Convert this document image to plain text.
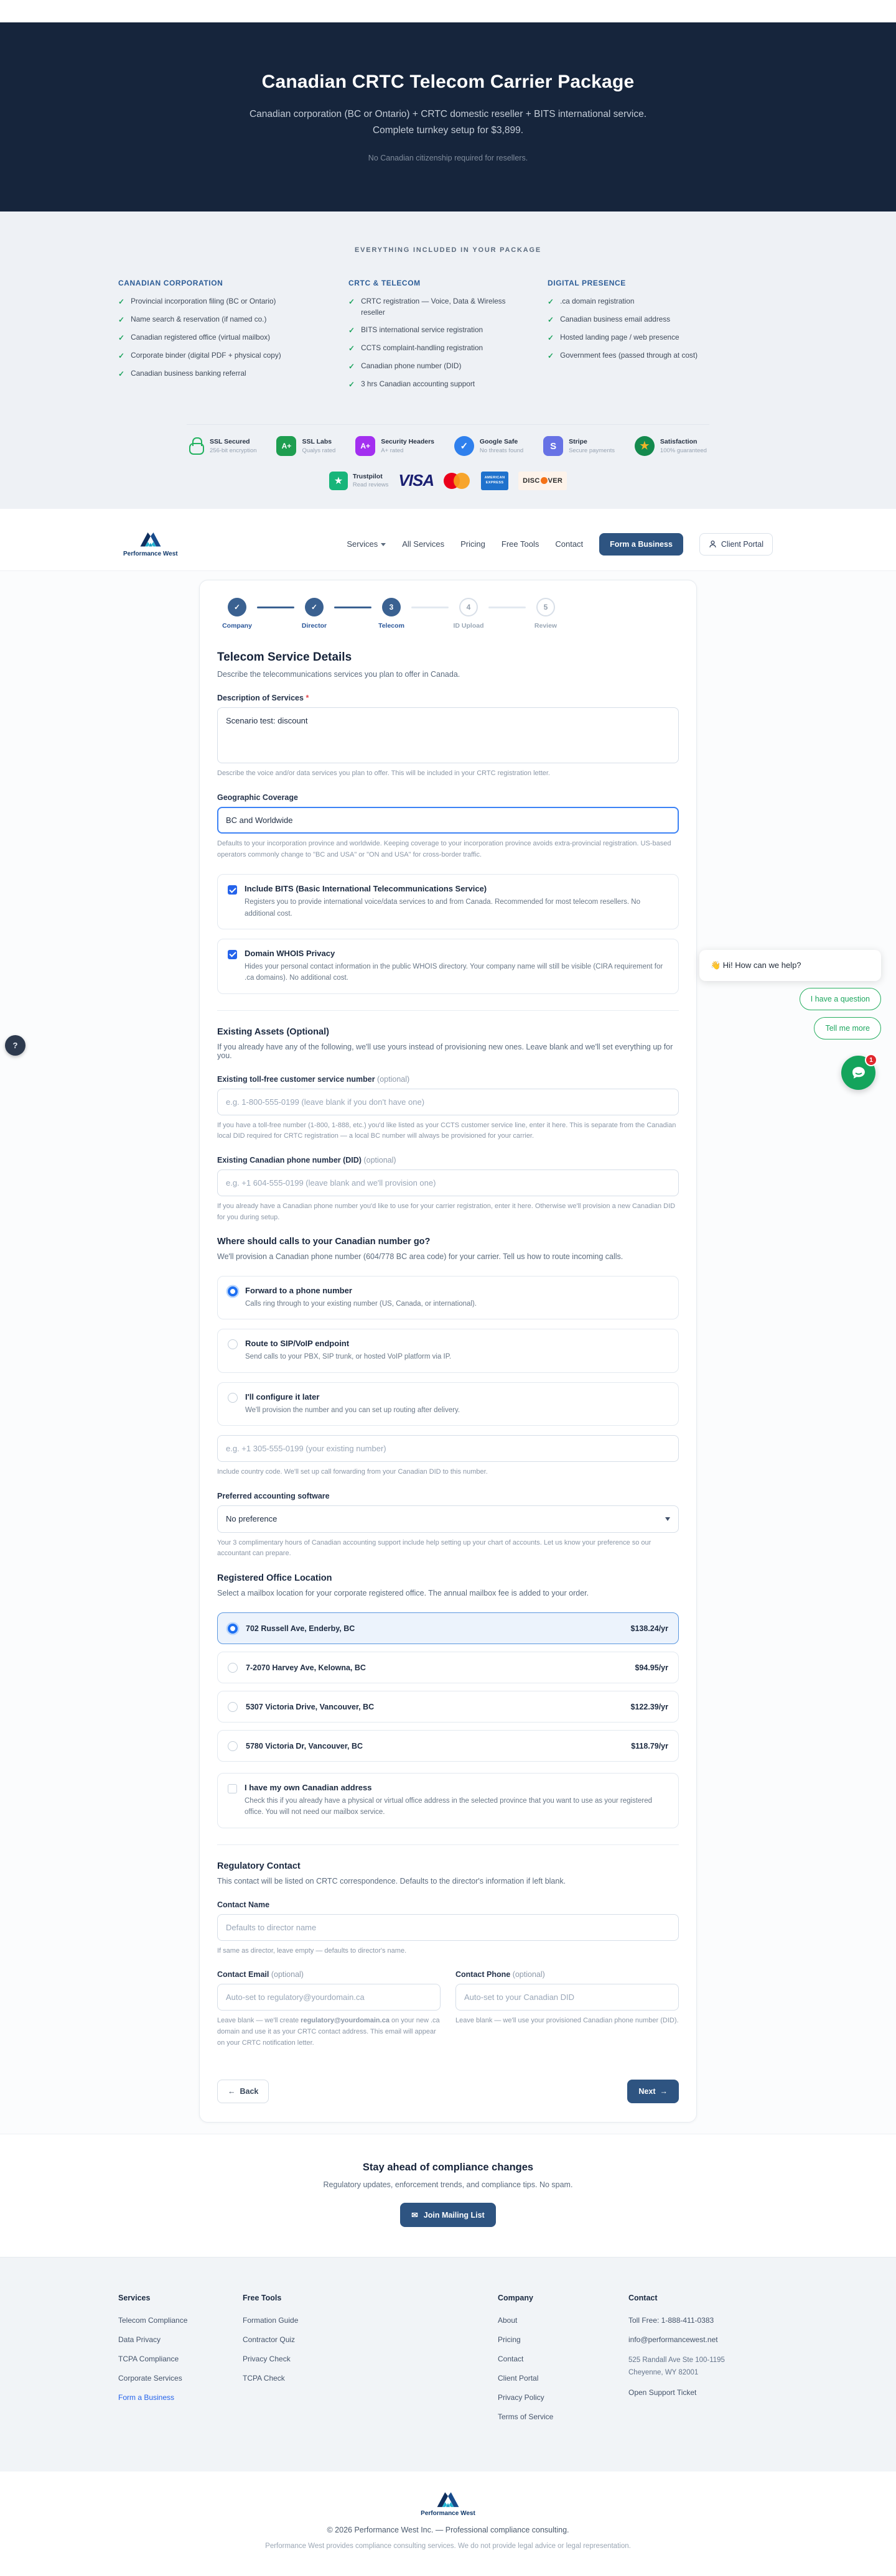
Canadian CRTC Telecom Carrier Package

Canadian corporation (BC or Ontario) + CRTC domestic reseller + BITS international service. Complete turnkey setup for $3,899.

No Canadian citizenship required for resellers.
EVERYTHING INCLUDED IN YOUR PACKAGE
CANADIAN CORPORATION
✓
Provincial incorporation filing (BC or Ontario)
✓
Name search & reservation (if named co.)
✓
Canadian registered office (virtual mailbox)
✓
Corporate binder (digital PDF + physical copy)
✓
Canadian business banking referral
CRTC & TELECOM
✓
CRTC registration — Voice, Data & Wireless reseller
✓
BITS international service registration
✓
CCTS complaint-handling registration
✓
Canadian phone number (DID)
✓
3 hrs Canadian accounting support
DIGITAL PRESENCE
✓
.ca domain registration
✓
Canadian business email address
✓
Hosted landing page / web presence
✓
Government fees (passed through at cost)
SSL Secured
256-bit encryption
A+	SSL Labs
Qualys rated
A+	Security Headers
A+ rated	✓	Google Safe
No threats found	S	Stripe
Secure payments	★	Satisfaction
100% guaranteed
★	Trustpilot
Read reviews VISA	AMERICAN
EXPRESS	DISC VER
Performance West
Services	All Services Pricing Free Tools Contact	Form a Business	Client Portal
✓
Company
✓
Director
3
Telecom
4
ID Upload
5
Review
Telecom Service Details
Describe the telecommunications services you plan to offer in Canada.
Description of Services *
Scenario test: discount
Describe the voice and/or data services you plan to offer. This will be included in your CRTC registration letter.
Geographic Coverage
BC and Worldwide
Defaults to your incorporation province and worldwide. Keeping coverage to your incorporation province avoids extra-provincial registration. US-based operators commonly change to "BC and USA" or "ON and USA" for cross-border traffic.
Include BITS (Basic International Telecommunications Service)
Registers you to provide international voice/data services to and from Canada. Recommended for most telecom resellers. No additional cost.
Domain WHOIS Privacy
Hides your personal contact information in the public WHOIS directory. Your company name will still be visible (CIRA requirement for .ca domains). No additional cost.
Existing Assets (Optional)
If you already have any of the following, we'll use yours instead of provisioning new ones. Leave blank and we'll set everything up for you.
Existing toll-free customer service number (optional)
e.g. 1-800-555-0199 (leave blank if you don't have one)
If you have a toll-free number (1-800, 1-888, etc.) you'd like listed as your CCTS customer service line, enter it here. This is separate from the Canadian local DID required for CRTC registration — a local BC number will always be provisioned for your carrier.
Existing Canadian phone number (DID) (optional)
e.g. +1 604-555-0199 (leave blank and we'll provision one)
If you already have a Canadian phone number you'd like to use for your carrier registration, enter it here. Otherwise we'll provision a new Canadian DID for you during setup.
Where should calls to your Canadian number go?
We'll provision a Canadian phone number (604/778 BC area code) for your carrier. Tell us how to route incoming calls.
Forward to a phone number
Calls ring through to your existing number (US, Canada, or international).
Route to SIP/VoIP endpoint
Send calls to your PBX, SIP trunk, or hosted VoIP platform via IP.
I'll configure it later
We'll provision the number and you can set up routing after delivery.
e.g. +1 305-555-0199 (your existing number)
Include country code. We'll set up call forwarding from your Canadian DID to this number.
Preferred accounting software
No preference
Your 3 complimentary hours of Canadian accounting support include help setting up your chart of accounts. Let us know your preference so our accountant can prepare.
Registered Office Location
Select a mailbox location for your corporate registered office. The annual mailbox fee is added to your order.
702 Russell Ave, Enderby, BC	$138.24/yr
7-2070 Harvey Ave, Kelowna, BC	$94.95/yr
5307 Victoria Drive, Vancouver, BC	$122.39/yr
5780 Victoria Dr, Vancouver, BC	$118.79/yr
I have my own Canadian address
Check this if you already have a physical or virtual office address in the selected province that you want to use as your registered office. You will not need our mailbox service.
Regulatory Contact
This contact will be listed on CRTC correspondence. Defaults to the director's information if left blank.
Contact Name
Defaults to director name
If same as director, leave empty — defaults to director's name.
Contact Email (optional)
Auto-set to regulatory@yourdomain.ca
Leave blank — we'll create regulatory@yourdomain.ca on your new .ca domain and use it as your CRTC contact address. This email will appear on your CRTC notification letter.
Contact Phone (optional)
Auto-set to your Canadian DID
Leave blank — we'll use your provisioned Canadian phone number (DID).
← Back	Next →
Stay ahead of compliance changes
Regulatory updates, enforcement trends, and compliance tips. No spam.
✉ Join Mailing List
Services
Telecom Compliance
Data Privacy
TCPA Compliance
Corporate Services
Form a Business
Free Tools
Formation Guide
Contractor Quiz
Privacy Check
TCPA Check
Company
About
Pricing
Contact
Client Portal
Privacy Policy
Terms of Service
Contact
Toll Free: 1-888-411-0383
info@performancewest.net
525 Randall Ave Ste 100-1195
Cheyenne, WY 82001
Open Support Ticket
Performance West
© 2026 Performance West Inc. — Professional compliance consulting.
Performance West provides compliance consulting services. We do not provide legal advice or legal representation.
👋 Hi! How can we help?
I have a question
Tell me more
1
?
